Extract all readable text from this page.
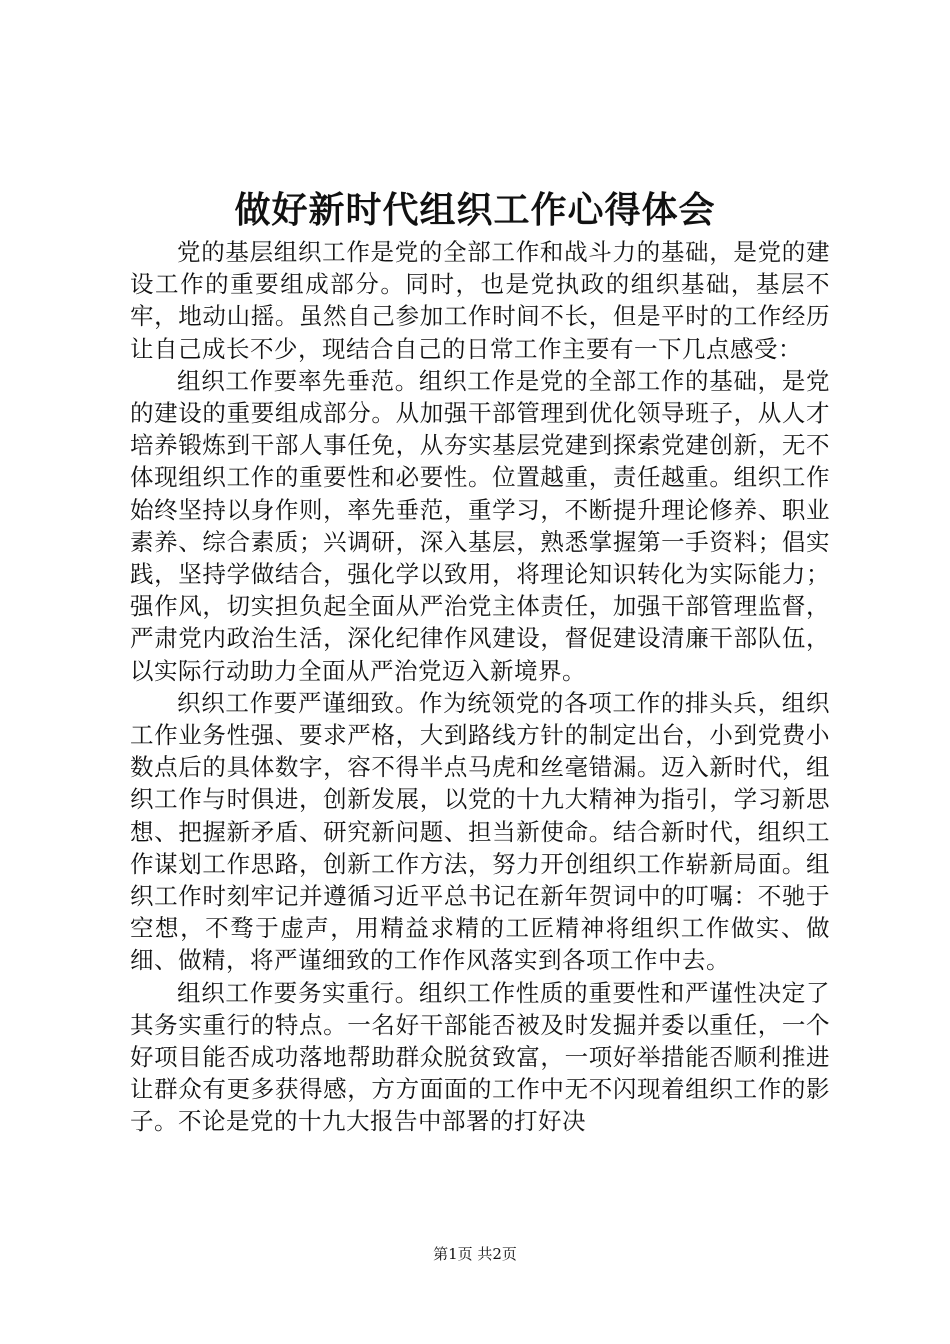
做好新时代组织工作心得体会

党的基层组织工作是党的全部工作和战斗力的基础，是党的建设工作的重要组成部分。同时，也是党执政的组织基础，基层不牢，地动山摇。虽然自己参加工作时间不长，但是平时的工作经历让自己成长不少，现结合自己的日常工作主要有一下几点感受：

组织工作要率先垂范。组织工作是党的全部工作的基础，是党的建设的重要组成部分。从加强干部管理到优化领导班子，从人才培养锻炼到干部人事任免，从夯实基层党建到探索党建创新，无不体现组织工作的重要性和必要性。位置越重，责任越重。组织工作始终坚持以身作则，率先垂范，重学习，不断提升理论修养、职业素养、综合素质；兴调研，深入基层，熟悉掌握第一手资料；倡实践，坚持学做结合，强化学以致用，将理论知识转化为实际能力；强作风，切实担负起全面从严治党主体责任，加强干部管理监督，严肃党内政治生活，深化纪律作风建设，督促建设清廉干部队伍，以实际行动助力全面从严治党迈入新境界。

织织工作要严谨细致。作为统领党的各项工作的排头兵，组织工作业务性强、要求严格，大到路线方针的制定出台，小到党费小数点后的具体数字，容不得半点马虎和丝毫错漏。迈入新时代，组织工作与时俱进，创新发展，以党的十九大精神为指引，学习新思想、把握新矛盾、研究新问题、担当新使命。结合新时代，组织工作谋划工作思路，创新工作方法，努力开创组织工作崭新局面。组织工作时刻牢记并遵循习近平总书记在新年贺词中的叮嘱：不驰于空想，不骛于虚声，用精益求精的工匠精神将组织工作做实、做细、做精，将严谨细致的工作作风落实到各项工作中去。

组织工作要务实重行。组织工作性质的重要性和严谨性决定了其务实重行的特点。一名好干部能否被及时发掘并委以重任，一个好项目能否成功落地帮助群众脱贫致富，一项好举措能否顺利推进让群众有更多获得感，方方面面的工作中无不闪现着组织工作的影子。不论是党的十九大报告中部署的打好决

第1页 共2页
